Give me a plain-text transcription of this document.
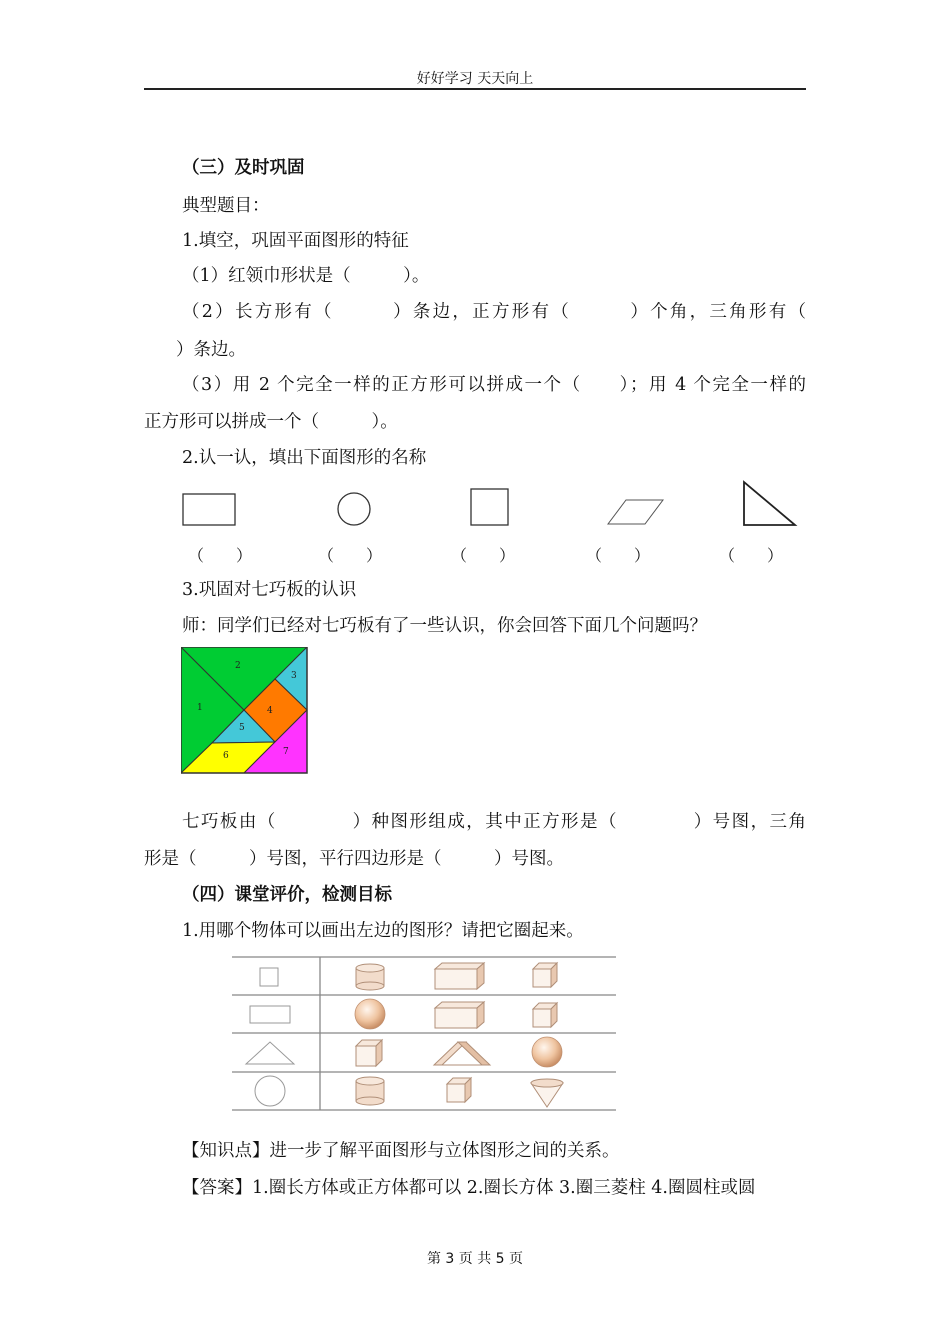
好好学习 天天向上
（三）及时巩固
典型题目：
1.填空，巩固平面图形的特征
（1）红领巾形状是（　　　）。
（2）长方形有（　　　）条边，正方形有（　　　）个角，三角形有（
）条边。
（3）用 2 个完全一样的正方形可以拼成一个（　　）；用 4 个完全一样的
正方形可以拼成一个（　　　）。
2.认一认，填出下面图形的名称
（　　）	（　　）	（　　）	（　　）	（　　）
3.巩固对七巧板的认识
师：同学们已经对七巧板有了一些认识，你会回答下面几个问题吗？
1
2
3
4
5
6	7
七巧板由（　　　　）种图形组成，其中正方形是（　　　　）号图，三角
形是（　　　）号图，平行四边形是（　　　）号图。
（四）课堂评价，检测目标
1.用哪个物体可以画出左边的图形？请把它圈起来。
【知识点】进一步了解平面图形与立体图形之间的关系。
【答案】1.圈长方体或正方体都可以 2.圈长方体 3.圈三菱柱 4.圈圆柱或圆
第 3 页 共 5 页
